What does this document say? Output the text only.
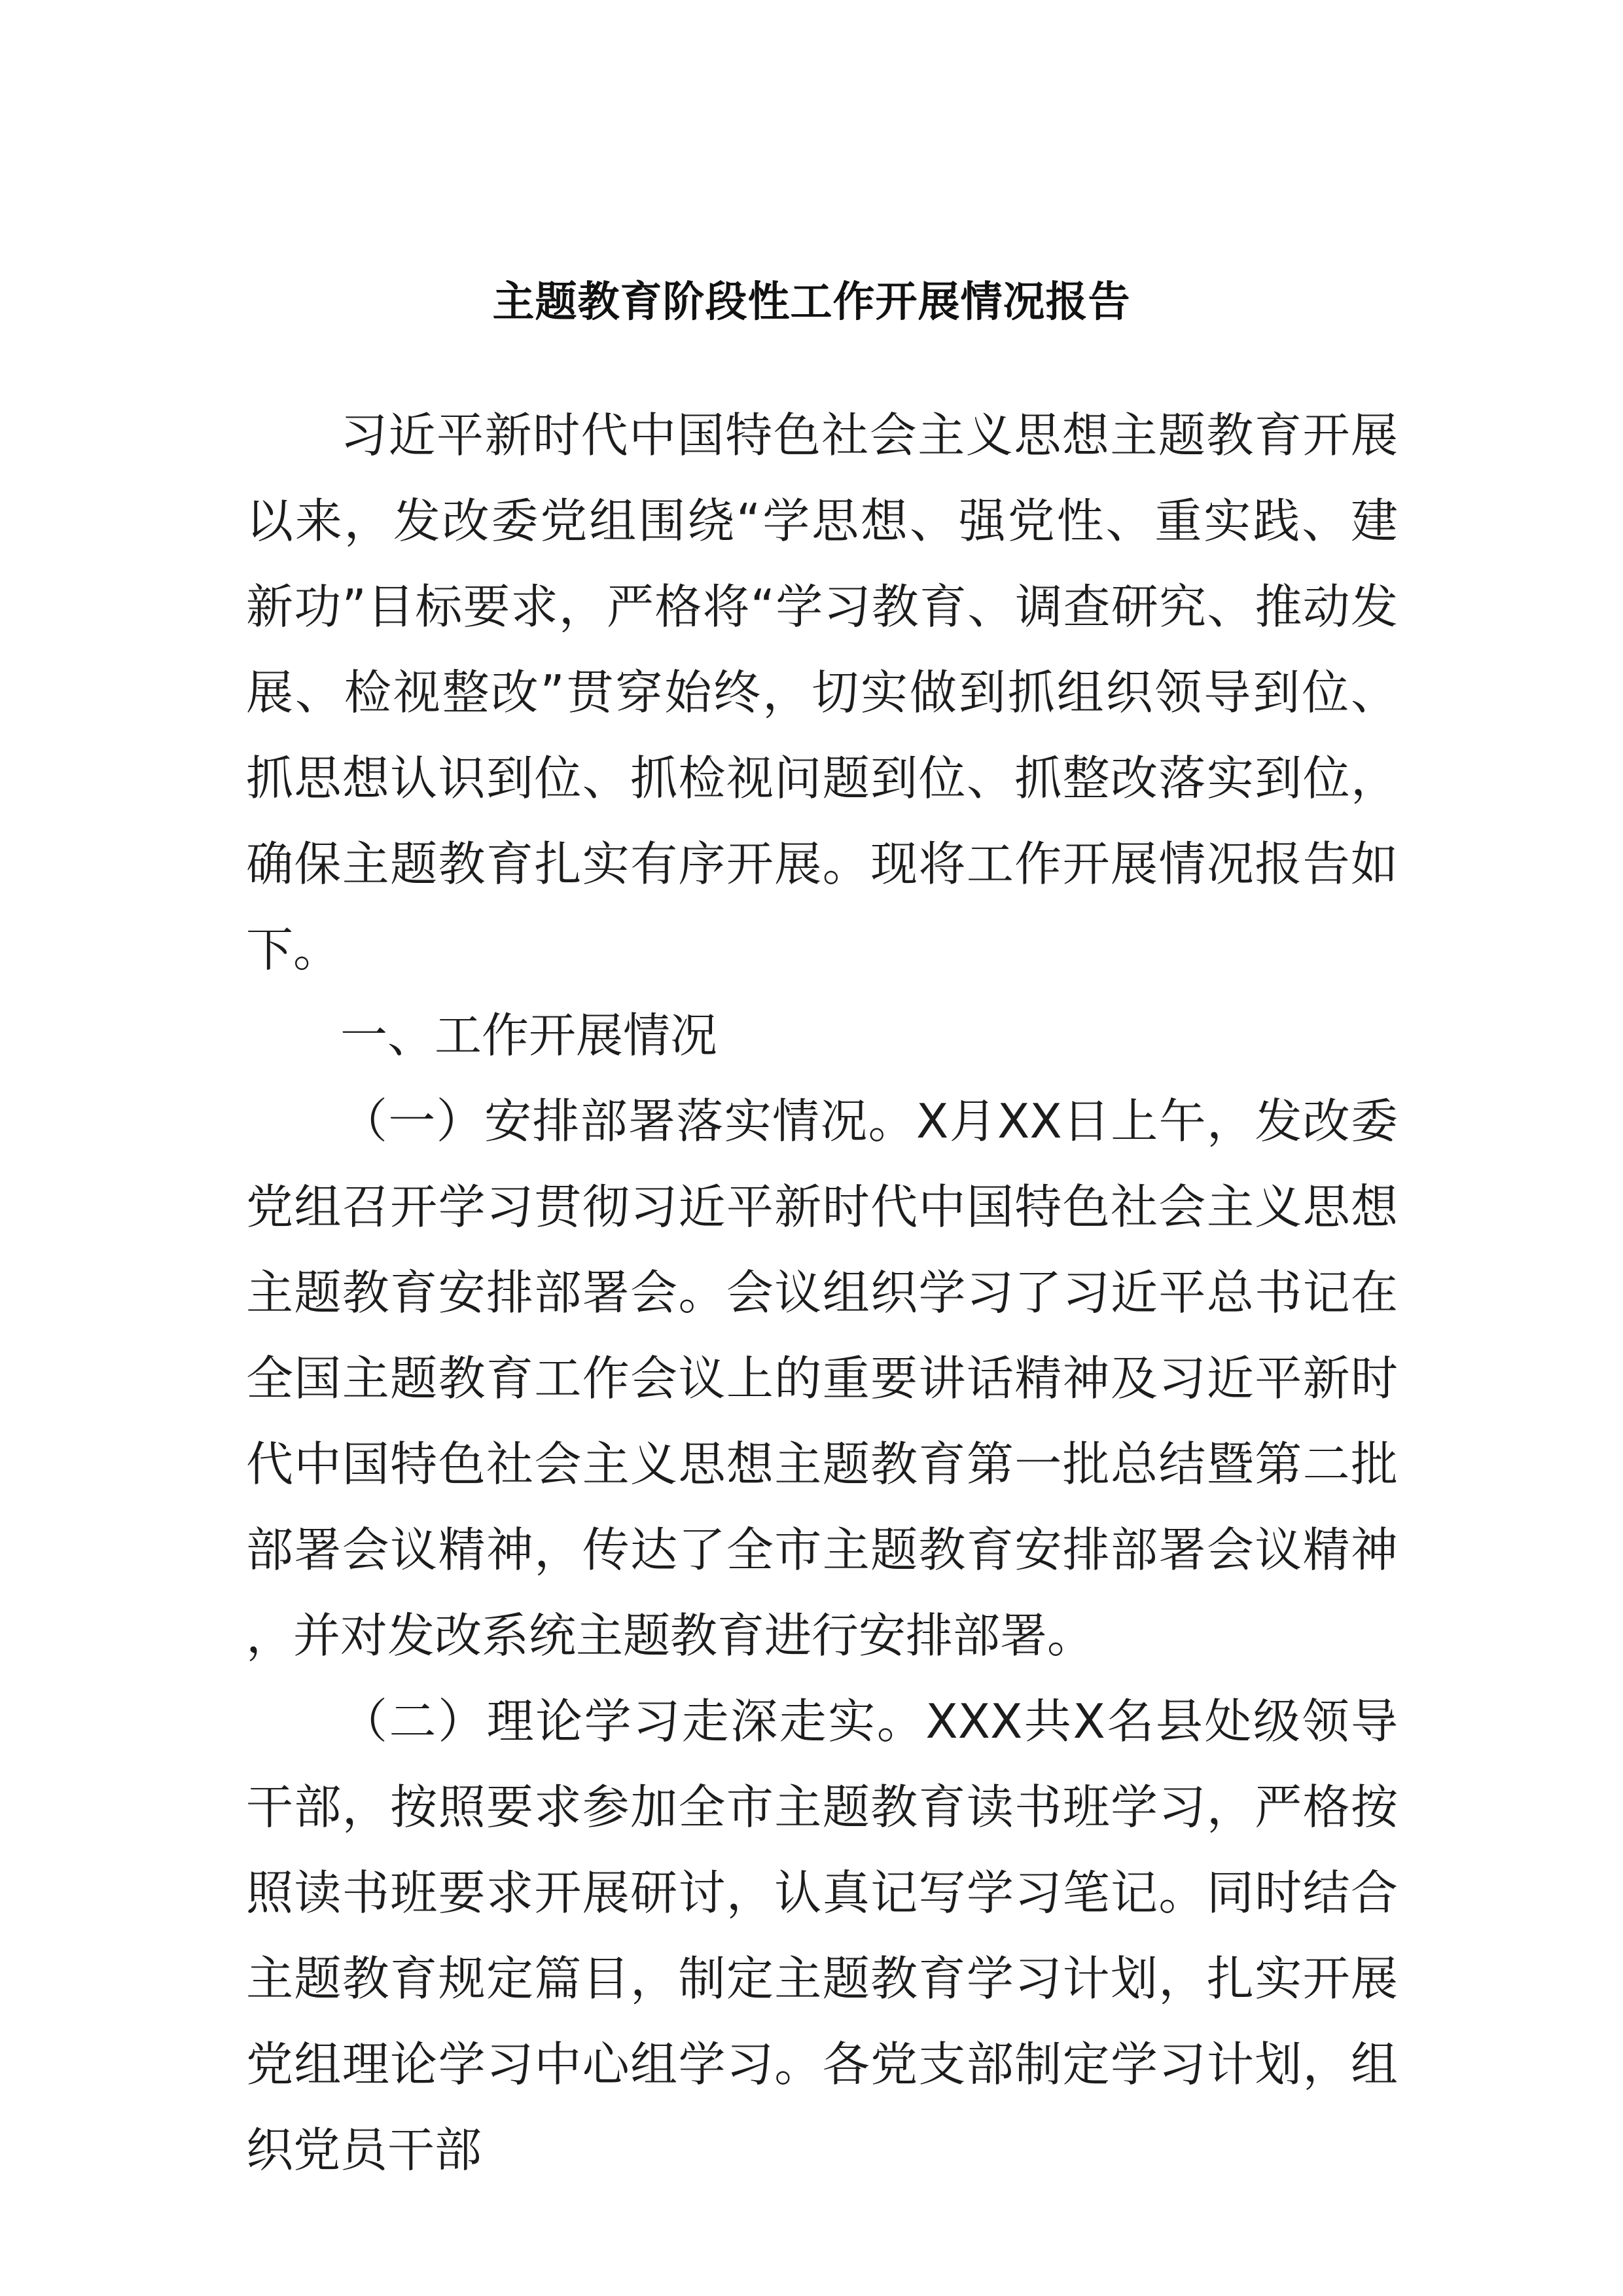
主题教育阶段性工作开展情况报告

习近平新时代中国特色社会主义思想主题教育开展以来，发改委党组围绕“学思想、强党性、重实践、建新功”目标要求，严格将“学习教育、调查研究、推动发展、检视整改”贯穿始终，切实做到抓组织领导到位、抓思想认识到位、抓检视问题到位、抓整改落实到位，确保主题教育扎实有序开展。现将工作开展情况报告如下。

一、工作开展情况

（一）安排部署落实情况。X月XX日上午，发改委党组召开学习贯彻习近平新时代中国特色社会主义思想主题教育安排部署会。会议组织学习了习近平总书记在全国主题教育工作会议上的重要讲话精神及习近平新时代中国特色社会主义思想主题教育第一批总结暨第二批部署会议精神，传达了全市主题教育安排部署会议精神，并对发改系统主题教育进行安排部署。

（二）理论学习走深走实。XXX共X名县处级领导干部，按照要求参加全市主题教育读书班学习，严格按照读书班要求开展研讨，认真记写学习笔记。同时结合主题教育规定篇目，制定主题教育学习计划，扎实开展党组理论学习中心组学习。各党支部制定学习计划，组织党员干部
